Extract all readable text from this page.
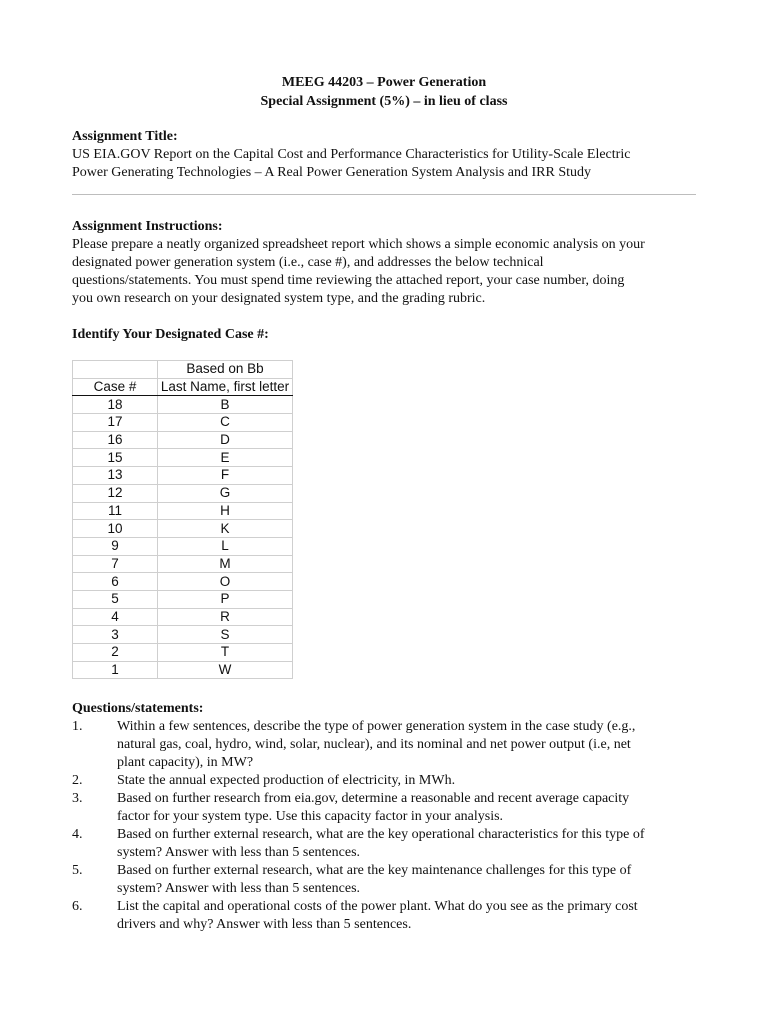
MEEG 44203 – Power Generation
Special Assignment (5%) – in lieu of class
Assignment Title:
US EIA.GOV Report on the Capital Cost and Performance Characteristics for Utility-Scale Electric
Power Generating Technologies – A Real Power Generation System Analysis and IRR Study
Assignment Instructions:
Please prepare a neatly organized spreadsheet report which shows a simple economic analysis on your
designated power generation system (i.e., case #), and addresses the below technical
questions/statements. You must spend time reviewing the attached report, your case number, doing
you own research on your designated system type, and the grading rubric.
Identify Your Designated Case #:
	Based on Bb
Case #	Last Name, first letter
18	B
17	C
16	D
15	E
13	F
12	G
11	H
10	K
9	L
7	M
6	O
5	P
4	R
3	S
2	T
1	W
Questions/statements:
1.	Within a few sentences, describe the type of power generation system in the case study (e.g.,
natural gas, coal, hydro, wind, solar, nuclear), and its nominal and net power output (i.e, net
plant capacity), in MW?
2.	State the annual expected production of electricity, in MWh.
3.	Based on further research from eia.gov, determine a reasonable and recent average capacity
factor for your system type. Use this capacity factor in your analysis.
4.	Based on further external research, what are the key operational characteristics for this type of
system? Answer with less than 5 sentences.
5.	Based on further external research, what are the key maintenance challenges for this type of
system? Answer with less than 5 sentences.
6.	List the capital and operational costs of the power plant. What do you see as the primary cost
drivers and why? Answer with less than 5 sentences.
